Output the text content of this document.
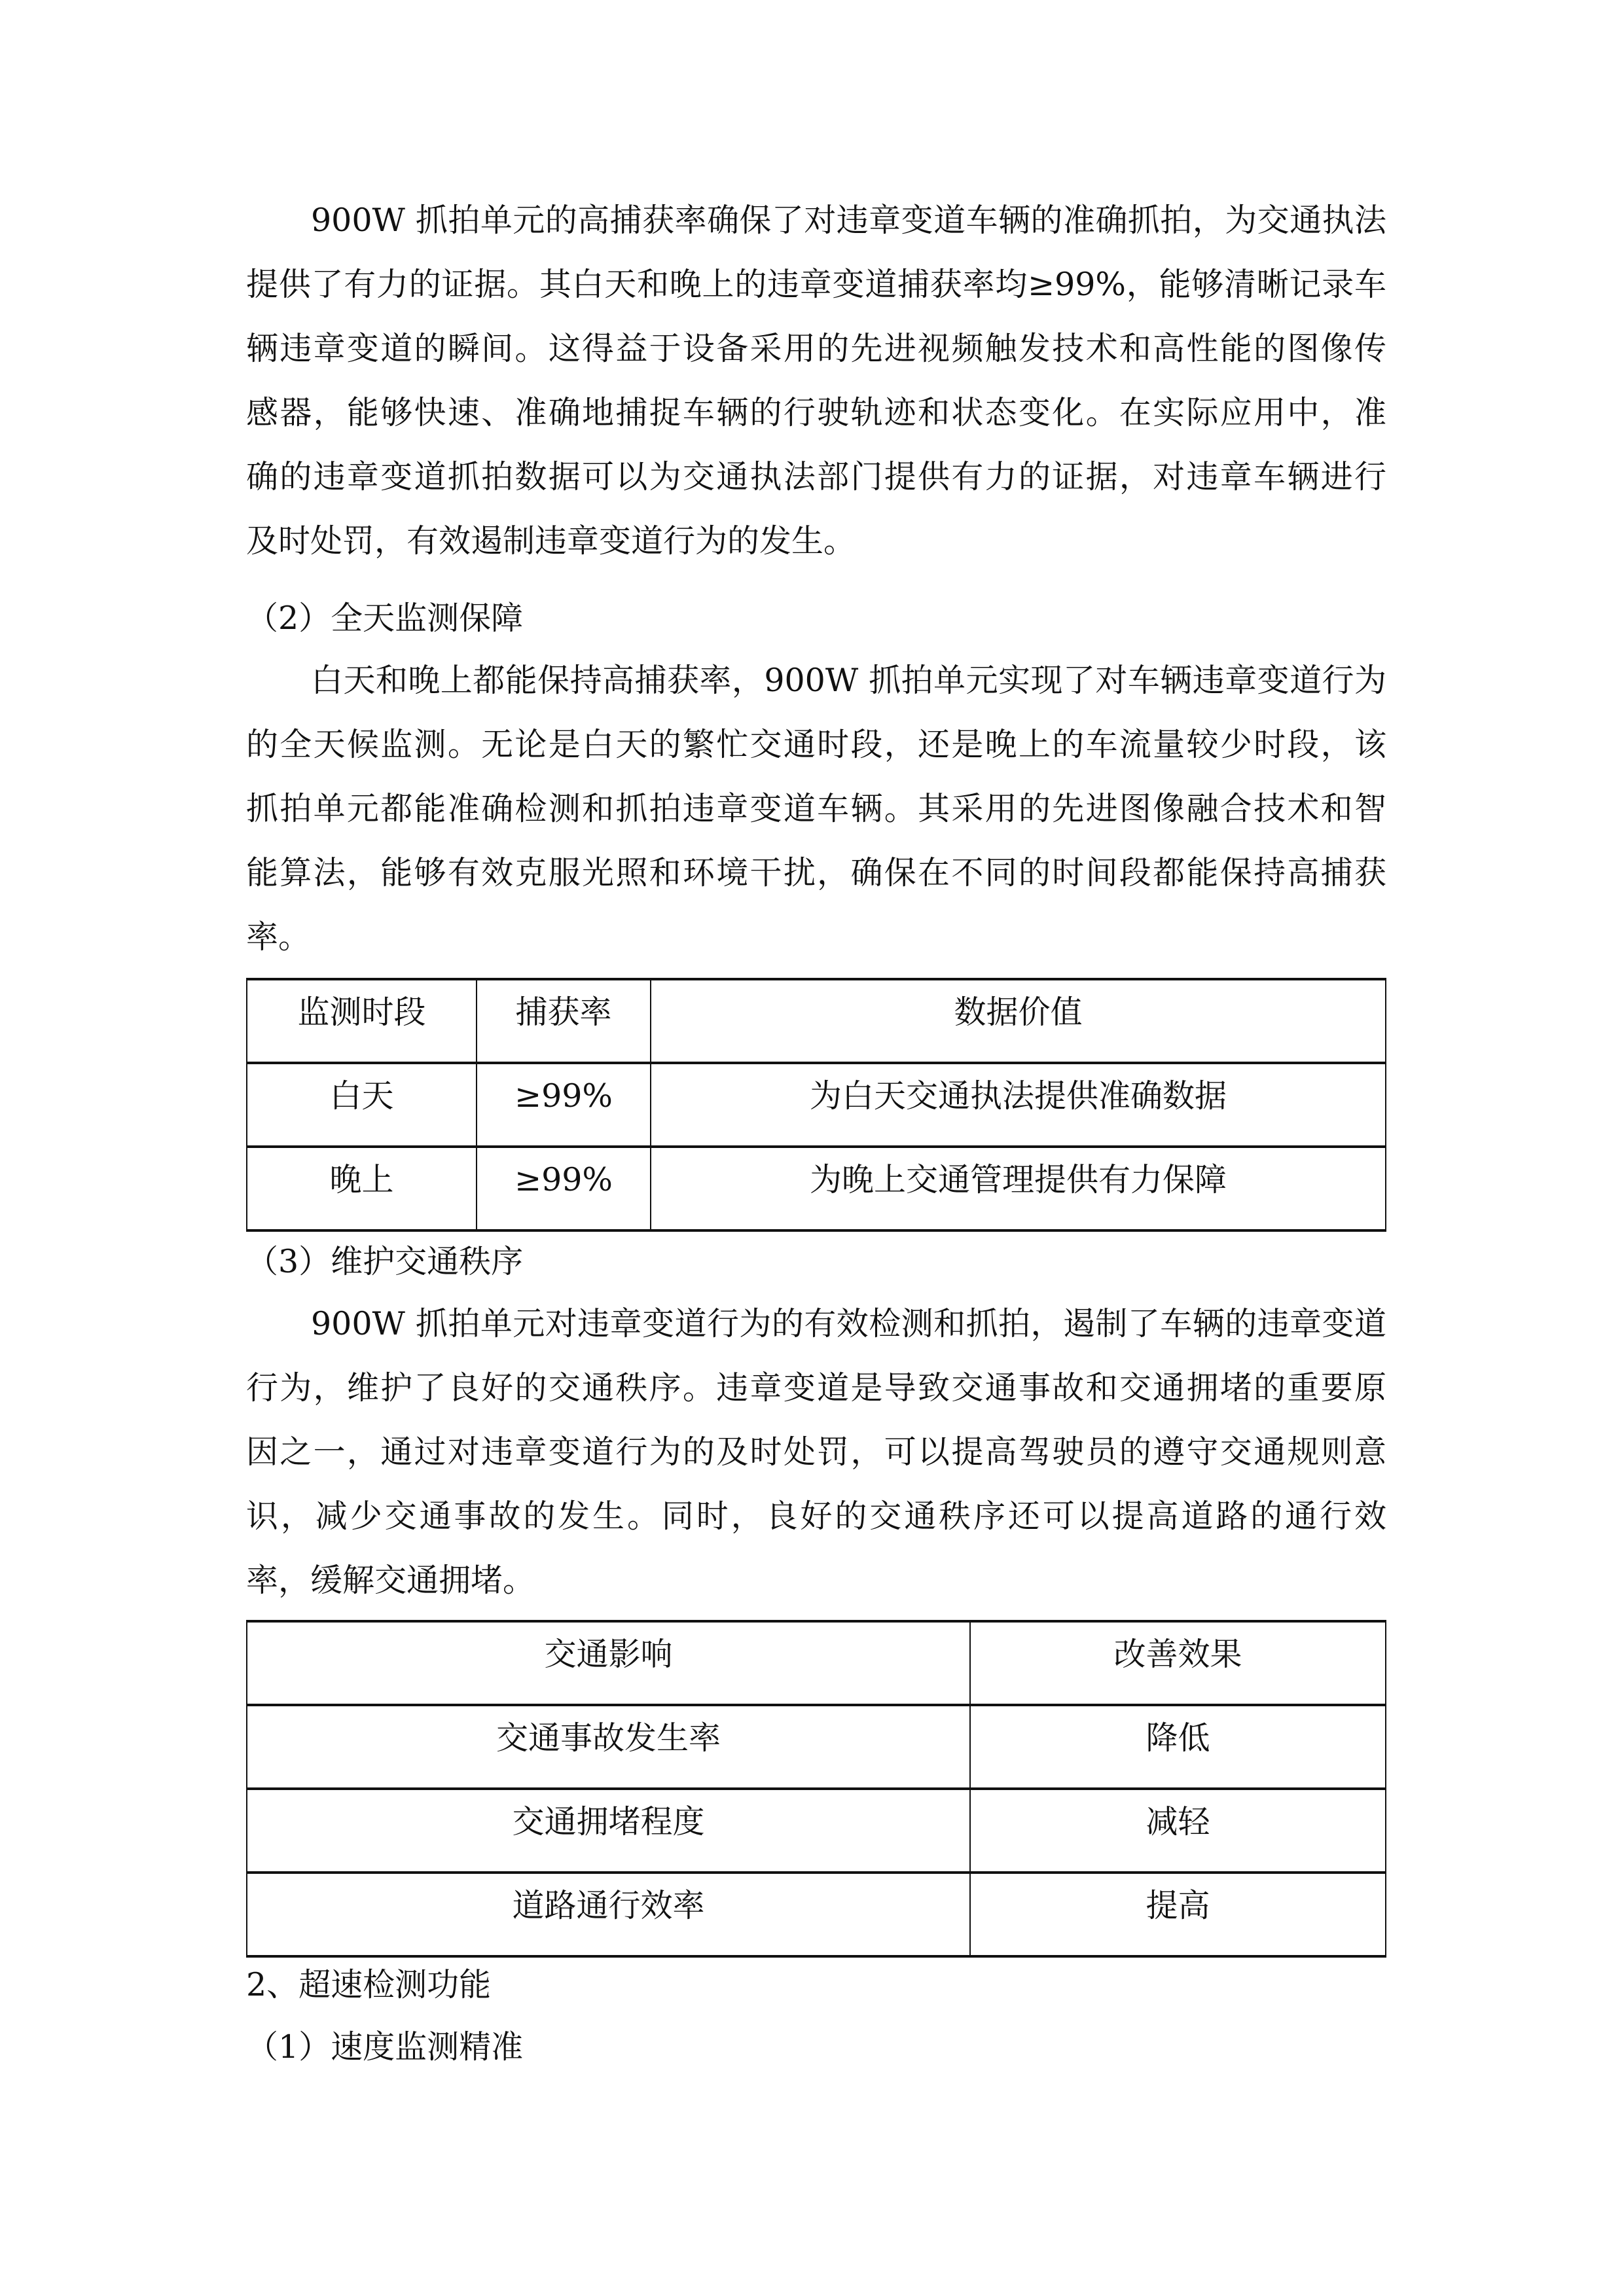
900W 抓拍单元的高捕获率确保了对违章变道车辆的准确抓拍，为交通执法
提供了有力的证据。其白天和晚上的违章变道捕获率均≥99%，能够清晰记录车
辆违章变道的瞬间。这得益于设备采用的先进视频触发技术和高性能的图像传
感器，能够快速、准确地捕捉车辆的行驶轨迹和状态变化。在实际应用中，准
确的违章变道抓拍数据可以为交通执法部门提供有力的证据，对违章车辆进行
及时处罚，有效遏制违章变道行为的发生。
（2）全天监测保障
白天和晚上都能保持高捕获率，900W 抓拍单元实现了对车辆违章变道行为
的全天候监测。无论是白天的繁忙交通时段，还是晚上的车流量较少时段，该
抓拍单元都能准确检测和抓拍违章变道车辆。其采用的先进图像融合技术和智
能算法，能够有效克服光照和环境干扰，确保在不同的时间段都能保持高捕获
率。
监测时段	捕获率	数据价值
白天	≥99%	为白天交通执法提供准确数据
晚上	≥99%	为晚上交通管理提供有力保障
（3）维护交通秩序
900W 抓拍单元对违章变道行为的有效检测和抓拍，遏制了车辆的违章变道
行为，维护了良好的交通秩序。违章变道是导致交通事故和交通拥堵的重要原
因之一，通过对违章变道行为的及时处罚，可以提高驾驶员的遵守交通规则意
识，减少交通事故的发生。同时，良好的交通秩序还可以提高道路的通行效
率，缓解交通拥堵。
交通影响	改善效果
交通事故发生率	降低
交通拥堵程度	减轻
道路通行效率	提高
2、超速检测功能
（1）速度监测精准
